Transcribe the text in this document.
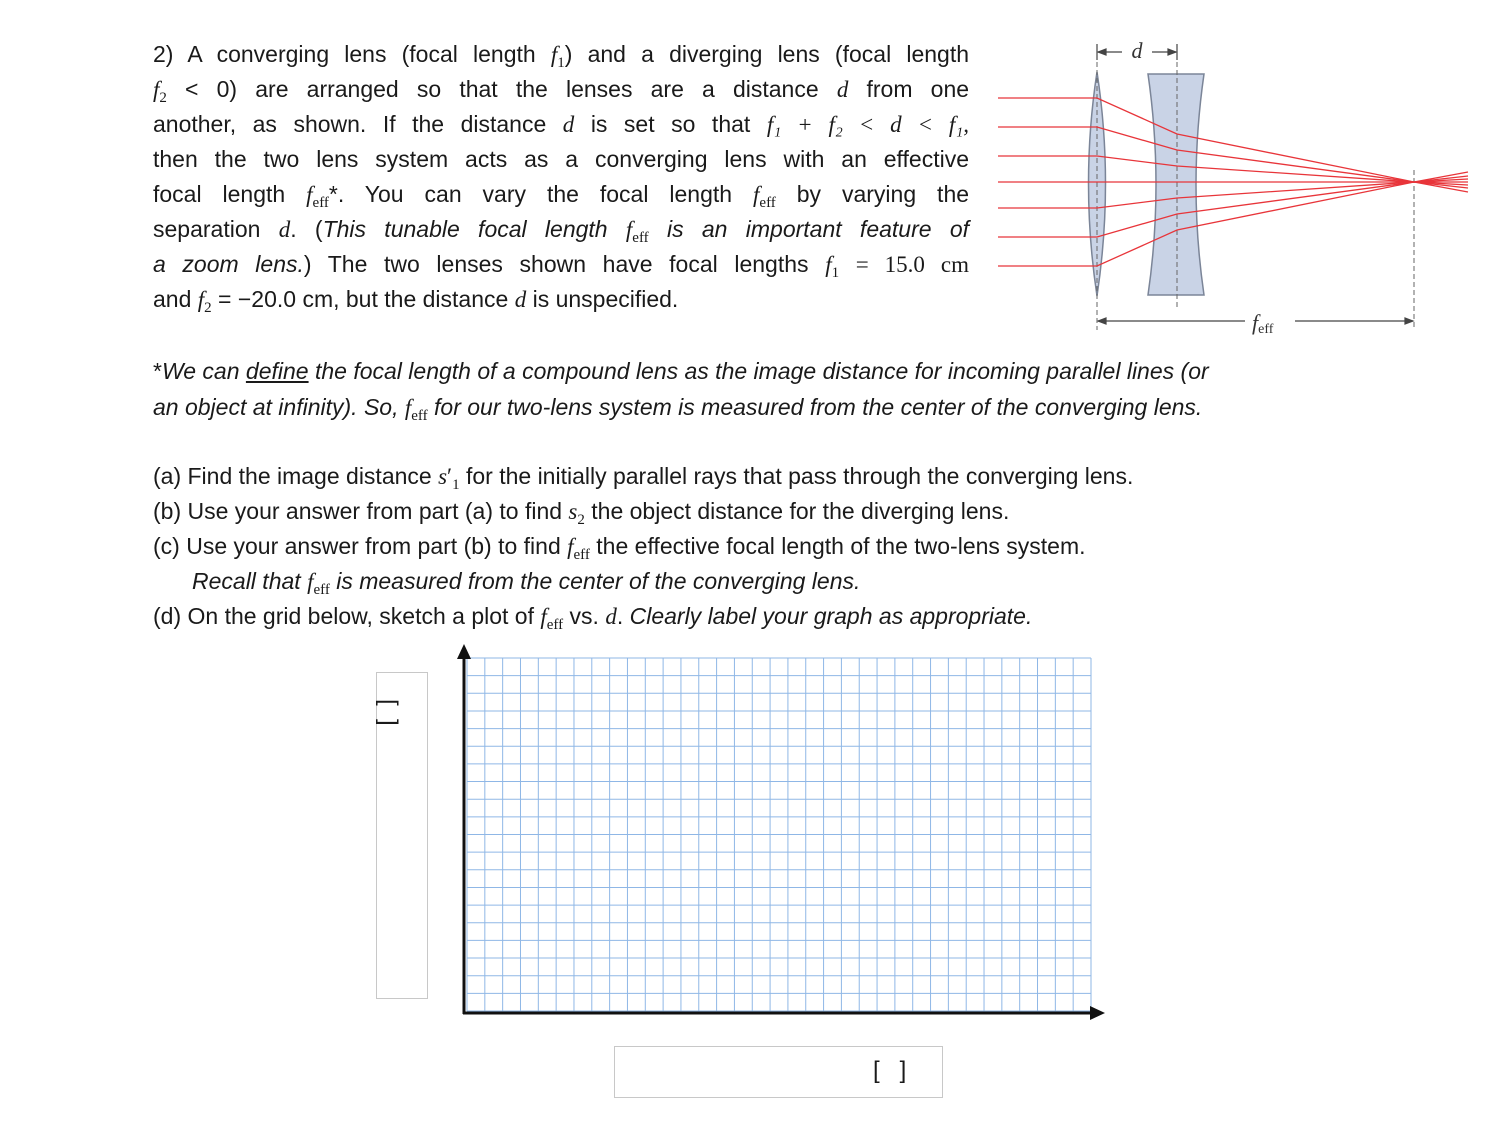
2) A converging lens (focal length $f_1$) and a diverging lens (focal length
$f_2 < 0$) are arranged so that the lenses are a distance d from one
another, as shown. If the distance d is set so that f₁ + f₂ < d < f₁,
then the two lens system acts as a converging lens with an effective
focal length $f_{eff}*$. You can vary the focal length $f_{eff}$ by varying the
separation d. (This tunable focal length $f_{eff}$ is an important feature of
a zoom lens.) The two lenses shown have focal lengths $f_1 = 15.0$ cm
and $f_2 = -20.0$ cm, but the distance d is unspecified.
d
feff
*We can define the focal length of a compound lens as the image distance for incoming parallel lines (or
an object at infinity). So, $f_{eff}$ for our two-lens system is measured from the center of the converging lens.
(a) Find the image distance $s'_1$ for the initially parallel rays that pass through the converging lens.
(b) Use your answer from part (a) to find $s_2$ the object distance for the diverging lens.
(c) Use your answer from part (b) to find $f_{eff}$ the effective focal length of the two-lens system.
Recall that $f_{eff}$ is measured from the center of the converging lens.
(d) On the grid below, sketch a plot of $f_{eff}$ vs. d. Clearly label your graph as appropriate.
[  ]
[   ]
